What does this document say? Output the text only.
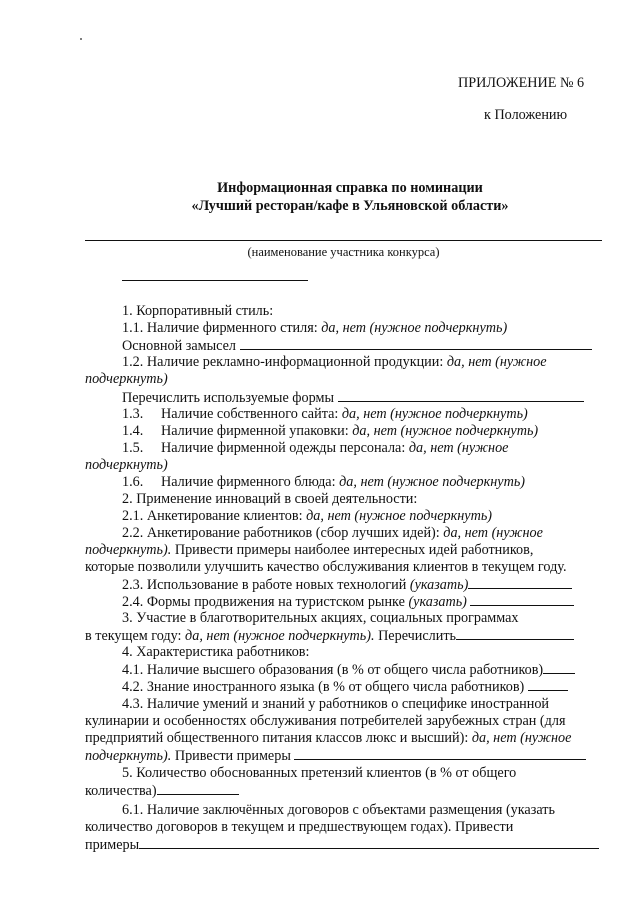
ПРИЛОЖЕНИЕ № 6
к Положению
Информационная справка по номинации
«Лучший ресторан/кафе в Ульяновской области»
(наименование участника конкурса)
1. Корпоративный стиль:
1.1. Наличие фирменного стиля: да, нет (нужное подчеркнуть)
Основной замысел
1.2. Наличие рекламно-информационной продукции: да, нет (нужное
подчеркнуть)
Перечислить используемые формы
1.3. Наличие собственного сайта: да, нет (нужное подчеркнуть)
1.4. Наличие фирменной упаковки: да, нет (нужное подчеркнуть)
1.5. Наличие фирменной одежды персонала: да, нет (нужное
подчеркнуть)
1.6. Наличие фирменного блюда: да, нет (нужное подчеркнуть)
2. Применение инноваций в своей деятельности:
2.1. Анкетирование клиентов: да, нет (нужное подчеркнуть)
2.2. Анкетирование работников (сбор лучших идей): да, нет (нужное
подчеркнуть). Привести примеры наиболее интересных идей работников,
которые позволили улучшить качество обслуживания клиентов в текущем году.
2.3. Использование в работе новых технологий (указать)
2.4. Формы продвижения на туристском рынке (указать)
3. Участие в благотворительных акциях, социальных программах
в текущем году: да, нет (нужное подчеркнуть). Перечислить
4. Характеристика работников:
4.1. Наличие высшего образования (в % от общего числа работников)
4.2. Знание иностранного языка (в % от общего числа работников)
4.3. Наличие умений и знаний у работников о специфике иностранной
кулинарии и особенностях обслуживания потребителей зарубежных стран (для
предприятий общественного питания классов люкс и высший): да, нет (нужное
подчеркнуть). Привести примеры
5. Количество обоснованных претензий клиентов (в % от общего
количества)
6.1. Наличие заключённых договоров с объектами размещения (указать
количество договоров в текущем и предшествующем годах). Привести
примеры
